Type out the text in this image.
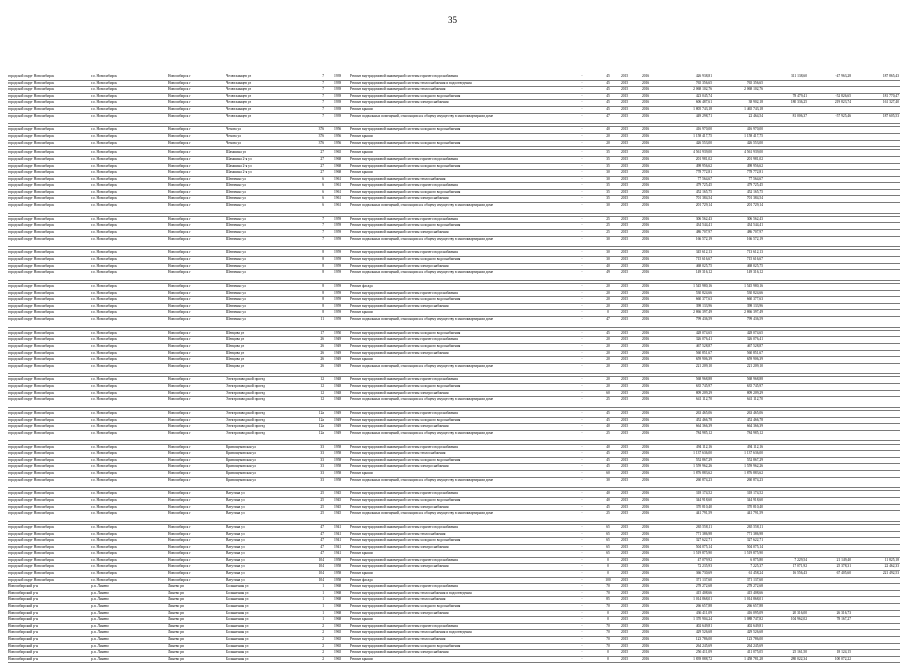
35
городской округ Новосибирск	г.о. Новосибирск	Новосибирск г	Челюскинцев ул	7	1939	Ремонт внутридомовой инженерной системы горячего водоснабжения	-	45	2015	2016	426 938,81	311 138,60	-47 963,28	187 865,43
городской округ Новосибирск	г.о. Новосибирск	Новосибирск г	Челюскинцев ул	7	1939	Ремонт внутридомовой инженерной системы теплоснабжения и водоотведения	-	45	2015	2016	765 356,65	765 356,65
городской округ Новосибирск	г.о. Новосибирск	Новосибирск г	Челюскинцев ул	7	1939	Ремонт внутридомовой инженерной системы теплоснабжения	-	45	2015	2016	2 068 102,76	2 068 102,76
городской округ Новосибирск	г.о. Новосибирск	Новосибирск г	Челюскинцев ул	7	1939	Ремонт внутридомовой инженерной системы холодного водоснабжения	-	45	2015	2016	423 045,74	78 479,41	-52 826,65	181 770,47
городской округ Новосибирск	г.о. Новосибирск	Новосибирск г	Челюскинцев ул	7	1939	Ремонт внутридомовой инженерной системы электроснабжения	-	45	2015	2016	606 487,61	38 902,18	180 336,25	219 823,74	161 327,40
городской округ Новосибирск	г.о. Новосибирск	Новосибирск г	Челюскинцев ул	7	1939	Ремонт крыши	-	45	2015	2016	1 805 743,18	1 465 743,18
городской округ Новосибирск	г.о. Новосибирск	Новосибирск г	Челюскинцев ул	7	1939	Ремонт подвальных помещений, относящихся к общему имуществу в многоквартирном доме	-	47	2015	2016	449 298,71	22 464,54	81 006,37	-57 925,46	187 605,53
городской округ Новосибирск	г.о. Новосибирск	Новосибирск г	Чехова ул	376	1956	Ремонт внутридомовой инженерной системы холодного водоснабжения	-	40	2015	2016	416 970,00	416 970,00
городской округ Новосибирск	г.о. Новосибирск	Новосибирск г	Чехова ул	376	1956	Ремонт крыши	-	20	2015	2016	1 158 417,75	1 158 417,75
городской округ Новосибирск	г.о. Новосибирск	Новосибирск г	Чехова ул	376	1956	Ремонт внутридомовой инженерной системы холодного водоснабжения	-	20	2015	2016	426 553,00	426 553,00
городской округ Новосибирск	г.о. Новосибирск	Новосибирск г	Шамшина ул	27	1965	Ремонт крыши	-	35	2015	2016	4 561 939,00	4 561 939,00
городской округ Новосибирск	г.о. Новосибирск	Новосибирск г	Шамшина 2-я ул	27	1968	Ремонт внутридомовой инженерной системы горячего водоснабжения	-	35	2015	2016	201 981,02	201 981,02
городской округ Новосибирск	г.о. Новосибирск	Новосибирск г	Шамшина 2-я ул	27	1968	Ремонт внутридомовой инженерной системы холодного водоснабжения	-	35	2015	2016	498 956,62	498 956,62
городской округ Новосибирск	г.о. Новосибирск	Новосибирск г	Шамшина 2-я ул	27	1968	Ремонт крыши	-	30	2015	2016	778 772,81	778 772,81
городской округ Новосибирск	г.о. Новосибирск	Новосибирск г	Шевченко ул	6	1961	Ремонт внутридомовой инженерной системы теплоснабжения	-	30	2015	2016	77 564,67	77 564,67
городской округ Новосибирск	г.о. Новосибирск	Новосибирск г	Шевченко ул	6	1961	Ремонт внутридомовой инженерной системы горячего водоснабжения	-	35	2015	2016	479 725,45	479 725,45
городской округ Новосибирск	г.о. Новосибирск	Новосибирск г	Шевченко ул	6	1961	Ремонт внутридомовой инженерной системы холодного водоснабжения	-	35	2015	2016	452 165,75	452 165,75
городской округ Новосибирск	г.о. Новосибирск	Новосибирск г	Шевченко ул	6	1961	Ремонт внутридомовой инженерной системы электроснабжения	-	35	2015	2016	701 384,54	701 384,54
городской округ Новосибирск	г.о. Новосибирск	Новосибирск г	Шевченко ул	6	1961	Ремонт подвальных помещений, относящихся к общему имуществу в многоквартирном доме	-	30	2015	2016	201 729,14	201 729,14
городской округ Новосибирск	г.о. Новосибирск	Новосибирск г	Шевченко ул	7	1959	Ремонт внутридомовой инженерной системы горячего водоснабжения	-	25	2015	2016	306 562,43	306 562,43
городской округ Новосибирск	г.о. Новосибирск	Новосибирск г	Шевченко ул	7	1959	Ремонт внутридомовой инженерной системы холодного водоснабжения	-	25	2015	2016	434 544,41	434 544,41
городской округ Новосибирск	г.о. Новосибирск	Новосибирск г	Шевченко ул	7	1959	Ремонт внутридомовой инженерной системы электроснабжения	-	25	2015	2016	486 707,97	486 707,97
городской округ Новосибирск	г.о. Новосибирск	Новосибирск г	Шевченко ул	7	1959	Ремонт подвальных помещений, относящихся к общему имуществу в многоквартирном доме	-	30	2015	2016	166 572,19	166 572,19
городской округ Новосибирск	г.о. Новосибирск	Новосибирск г	Шевченко ул	8	1959	Ремонт внутридомовой инженерной системы горячего водоснабжения	-	30	2015	2016	345 612,13	713 612,13
городской округ Новосибирск	г.о. Новосибирск	Новосибирск г	Шевченко ул	8	1959	Ремонт внутридомовой инженерной системы холодного водоснабжения	-	30	2015	2016	715 616,67	715 616,67
городской округ Новосибирск	г.о. Новосибирск	Новосибирск г	Шевченко ул	8	1959	Ремонт внутридомовой инженерной системы электроснабжения	-	40	2015	2016	468 025,75	468 025,75
городской округ Новосибирск	г.о. Новосибирск	Новосибирск г	Шевченко ул	8	1959	Ремонт подвальных помещений, относящихся к общему имуществу в многоквартирном доме	-	49	2015	2016	149 316,12	149 316,12
городской округ Новосибирск	г.о. Новосибирск	Новосибирск г	Шевченко ул	8	1959	Ремонт фасада	-	20	2015	2016	1 545 980,16	1 545 980,16
городской округ Новосибирск	г.о. Новосибирск	Новосибирск г	Шевченко ул	8	1959	Ремонт внутридомовой инженерной системы горячего водоснабжения	-	20	2015	2016	530 824,66	530 824,66
городской округ Новосибирск	г.о. Новосибирск	Новосибирск г	Шевченко ул	8	1959	Ремонт внутридомовой инженерной системы холодного водоснабжения	-	20	2015	2016	660 377,63	660 377,63
городской округ Новосибирск	г.о. Новосибирск	Новосибирск г	Шевченко ул	8	1959	Ремонт внутридомовой инженерной системы электроснабжения	-	20	2015	2016	398 133,96	398 133,96
городской округ Новосибирск	г.о. Новосибирск	Новосибирск г	Шевченко ул	8	1959	Ремонт крыши	-	0	2015	2016	2 866 397,49	2 866 397,49
городской округ Новосибирск	г.о. Новосибирск	Новосибирск г	Шевченко ул	11	1959	Ремонт подвальных помещений, относящихся к общему имуществу в многоквартирном доме	-	47	2015	2016	799 436,59	799 436,59
городской округ Новосибирск	г.о. Новосибирск	Новосибирск г	Шевцова ул	17	1950	Ремонт внутридомовой инженерной системы холодного водоснабжения	-	45	2015	2016	428 074,65	428 074,65
городской округ Новосибирск	г.о. Новосибирск	Новосибирск г	Шевцова ул	26	1949	Ремонт внутридомовой инженерной системы горячего водоснабжения	-	20	2015	2016	326 076,41	326 076,41
городской округ Новосибирск	г.о. Новосибирск	Новосибирск г	Шевцова ул	26	1949	Ремонт внутридомовой инженерной системы холодного водоснабжения	-	20	2015	2016	467 528,87	467 528,87
городской округ Новосибирск	г.о. Новосибирск	Новосибирск г	Шевцова ул	26	1949	Ремонт внутридомовой инженерной системы электроснабжения	-	20	2015	2016	560 851,67	560 851,67
городской округ Новосибирск	г.о. Новосибирск	Новосибирск г	Шевцова ул	26	1949	Ремонт крыши	-	20	2015	2016	659 906,39	659 906,39
городской округ Новосибирск	г.о. Новосибирск	Новосибирск г	Шевцова ул	26	1949	Ремонт подвальных помещений, относящихся к общему имуществу в многоквартирном доме	-	20	2015	2016	221 209,10	221 209,10
городской округ Новосибирск	г.о. Новосибирск	Новосибирск г	Электрозаводской проезд	12	1948	Ремонт внутридомовой инженерной системы горячего водоснабжения	-	20	2015	2016	568 968,88	568 968,88
городской округ Новосибирск	г.о. Новосибирск	Новосибирск г	Электрозаводской проезд	12	1948	Ремонт внутридомовой инженерной системы холодного водоснабжения	-	20	2015	2016	635 745,97	635 745,97
городской округ Новосибирск	г.о. Новосибирск	Новосибирск г	Электрозаводской проезд	12	1948	Ремонт внутридомовой инженерной системы электроснабжения	-	60	2015	2016	809 209,29	809 209,29
городской округ Новосибирск	г.о. Новосибирск	Новосибирск г	Электрозаводской проезд	12	1948	Ремонт подвальных помещений, относящихся к общему имуществу в многоквартирном доме	-	25	2015	2016	641 112,70	641 112,70
городской округ Новосибирск	г.о. Новосибирск	Новосибирск г	Электрозаводской проезд	12а	1949	Ремонт внутридомовой инженерной системы горячего водоснабжения	-	45	2015	2016	263 465,06	263 465,06
городской округ Новосибирск	г.о. Новосибирск	Новосибирск г	Электрозаводской проезд	12а	1949	Ремонт внутридомовой инженерной системы холодного водоснабжения	-	45	2015	2016	452 466,78	452 466,78
городской округ Новосибирск	г.о. Новосибирск	Новосибирск г	Электрозаводской проезд	12а	1949	Ремонт внутридомовой инженерной системы электроснабжения	-	40	2015	2016	664 366,39	664 366,39
городской округ Новосибирск	г.о. Новосибирск	Новосибирск г	Электрозаводской проезд	12а	1949	Ремонт подвальных помещений, относящихся к общему имуществу в многоквартирном доме	-	25	2015	2016	784 985,12	784 985,12
городской округ Новосибирск	г.о. Новосибирск	Новосибирск г	Кривощековская ул	33	1958	Ремонт внутридомовой инженерной системы горячего водоснабжения	-	40	2015	2016	494 112,16	494 112,16
городской округ Новосибирск	г.о. Новосибирск	Новосибирск г	Кривощековская ул	33	1958	Ремонт внутридомовой инженерной системы теплоснабжения	-	45	2015	2016	1 137 636,00	1 137 636,00
городской округ Новосибирск	г.о. Новосибирск	Новосибирск г	Кривощековская ул	33	1958	Ремонт внутридомовой инженерной системы холодного водоснабжения	-	45	2015	2016	552 867,29	552 867,29
городской округ Новосибирск	г.о. Новосибирск	Новосибирск г	Кривощековская ул	33	1958	Ремонт внутридомовой инженерной системы электроснабжения	-	45	2015	2016	1 559 962,26	1 559 962,26
городской округ Новосибирск	г.о. Новосибирск	Новосибирск г	Кривощековская ул	33	1958	Ремонт крыши	-	60	2015	2016	1 876 883,62	1 876 883,62
городской округ Новосибирск	г.о. Новосибирск	Новосибирск г	Кривощековская ул	33	1958	Ремонт подвальных помещений, относящихся к общему имуществу в многоквартирном доме	-	30	2015	2016	260 874,23	260 874,23
городской округ Новосибирск	г.о. Новосибирск	Новосибирск г	Ватутина ул	25	1945	Ремонт внутридомовой инженерной системы горячего водоснабжения	-	40	2015	2016	318 174,52	318 174,52
городской округ Новосибирск	г.о. Новосибирск	Новосибирск г	Ватутина ул	25	1945	Ремонт внутридомовой инженерной системы холодного водоснабжения	-	40	2015	2016	344 918,60	344 918,60
городской округ Новосибирск	г.о. Новосибирск	Новосибирск г	Ватутина ул	25	1945	Ремонт внутридомовой инженерной системы электроснабжения	-	45	2015	2016	370 810,40	370 810,40
городской округ Новосибирск	г.о. Новосибирск	Новосибирск г	Ватутина ул	25	1945	Ремонт подвальных помещений, относящихся к общему имуществу в многоквартирном доме	-	25	2015	2016	441 791,59	441 791,59
городской округ Новосибирск	г.о. Новосибирск	Новосибирск г	Ватутина ул	47	1941	Ремонт внутридомовой инженерной системы горячего водоснабжения	-	65	2015	2016	265 558,11	265 558,11
городской округ Новосибирск	г.о. Новосибирск	Новосибирск г	Ватутина ул	47	1941	Ремонт внутридомовой инженерной системы теплоснабжения	-	65	2015	2016	771 386,98	771 386,98
городской округ Новосибирск	г.о. Новосибирск	Новосибирск г	Ватутина ул	47	1941	Ремонт внутридомовой инженерной системы холодного водоснабжения	-	65	2015	2016	327 622,71	327 622,71
городской округ Новосибирск	г.о. Новосибирск	Новосибирск г	Ватутина ул	47	1941	Ремонт внутридомовой инженерной системы электроснабжения	-	65	2015	2016	504 075,14	504 075,14
городской округ Новосибирск	г.о. Новосибирск	Новосибирск г	Ватутина ул	47	1941	Ремонт крыши	-	65	2015	2016	1 519 875,90	1 519 875,90
городской округ Новосибирск	г.о. Новосибирск	Новосибирск г	Ватутина ул	104	1958	Ремонт внутридомовой инженерной системы горячего водоснабжения	-	0	2015	2016	47 079,92	6 875,80	7 229,54	21 149,40	11 825,18
городской округ Новосибирск	г.о. Новосибирск	Новосибирск г	Ватутина ул	104	1958	Ремонт внутридомовой инженерной системы электроснабжения	-	0	2015	2016	72 235,93	7 225,37	17 071,92	25 378,31	22 462,33
городской округ Новосибирск	г.о. Новосибирск	Новосибирск г	Ватутина ул	104	1958	Ремонт крыши	-	0	2015	2016	366 730,69	61 458,24	16 556,43	67 405,60	221 492,53
городской округ Новосибирск	г.о. Новосибирск	Новосибирск г	Ватутина ул	104	1958	Ремонт фасада	-	100	2015	2016	371 137,60	371 137,60
Новосибирский р-н	р.п. Линево	Линево рп	Больничная ул	1	1968	Ремонт внутридомовой инженерной системы горячего водоснабжения	-	70	2015	2016	278 272,68	278 272,68
Новосибирский р-н	р.п. Линево	Линево рп	Больничная ул	1	1968	Ремонт внутридомовой инженерной системы теплоснабжения и водоотведения	-	70	2015	2016	415 408,66	415 408,66
Новосибирский р-н	р.п. Линево	Линево рп	Больничная ул	1	1968	Ремонт внутридомовой инженерной системы теплоснабжения	-	85	2015	2016	1 014 868,01	1 014 868,01
Новосибирский р-н	р.п. Линево	Линево рп	Больничная ул	1	1968	Ремонт внутридомовой инженерной системы холодного водоснабжения	-	70	2015	2016	266 657,88	266 657,88
Новосибирский р-н	р.п. Линево	Линево рп	Больничная ул	1	1968	Ремонт внутридомовой инженерной системы электроснабжения	-	0	2015	2016	436 411,09	416 095,09	20 316,00	26 316,73
Новосибирский р-н	р.п. Линево	Линево рп	Больничная ул	1	1968	Ремонт крыши	-	0	2015	2016	1 370 904,24	1 088 747,82	104 962,02	78 167,27
Новосибирский р-н	р.п. Линево	Линево рп	Больничная ул	2	1965	Ремонт внутридомовой инженерной системы горячего водоснабжения	-	70	2015	2016	402 649,81	402 649,81
Новосибирский р-н	р.п. Линево	Линево рп	Больничная ул	2	1965	Ремонт внутридомовой инженерной системы теплоснабжения и водоотведения	-	70	2015	2016	429 526,68	429 526,68
Новосибирский р-н	р.п. Линево	Линево рп	Больничная ул	2	1965	Ремонт внутридомовой инженерной системы теплоснабжения	-	70	2015	2016	123 786,00	123 786,00
Новосибирский р-н	р.п. Линево	Линево рп	Больничная ул	2	1965	Ремонт внутридомовой инженерной системы холодного водоснабжения	-	70	2015	2016	264 245,69	264 245,69
Новосибирский р-н	р.п. Линево	Линево рп	Больничная ул	2	1965	Ремонт внутридомовой инженерной системы электроснабжения	-	0	2015	2016	256 411,09	411 075,05	25 161,50	18 124,15
Новосибирский р-н	р.п. Линево	Линево рп	Больничная ул	2	1965	Ремонт крыши	-	0	2015	2016	1 839 888,72	1 458 781,28	280 022,34	100 072,22
